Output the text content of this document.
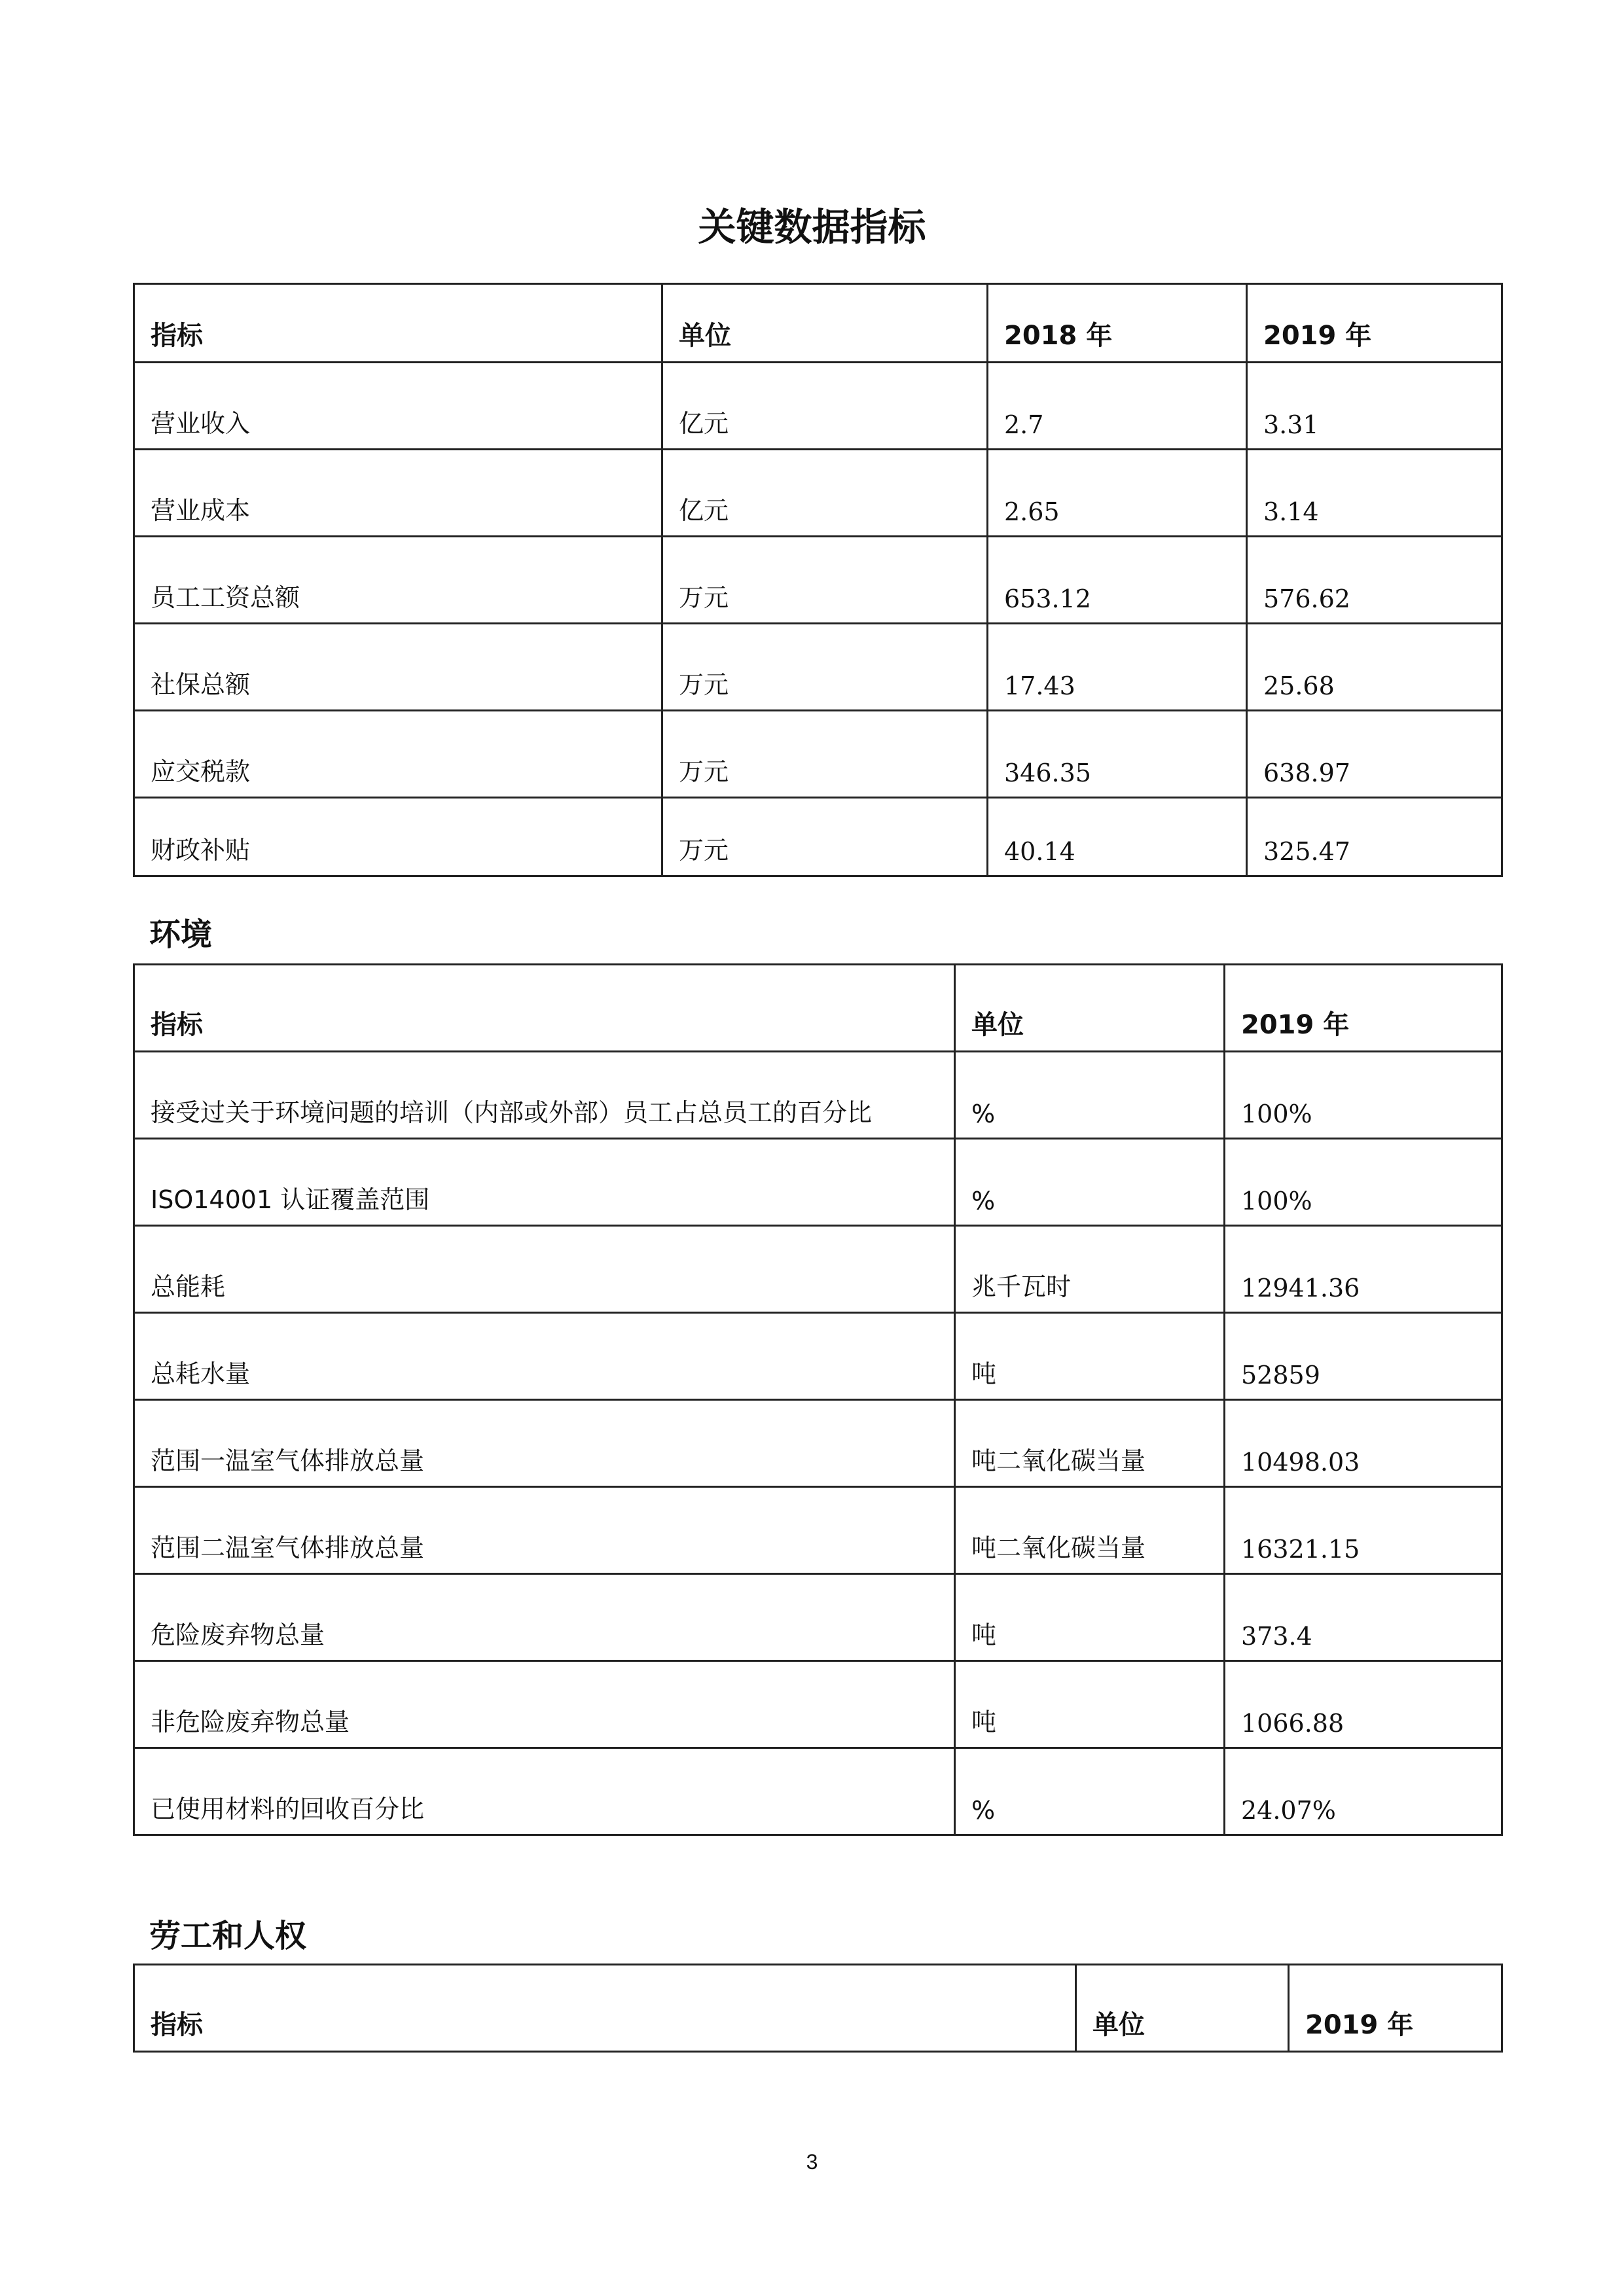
关键数据指标
指标	单位	2018 年	2019 年
营业收入	亿元	2.7	3.31
营业成本	亿元	2.65	3.14
员工工资总额	万元	653.12	576.62
社保总额	万元	17.43	25.68
应交税款	万元	346.35	638.97
财政补贴	万元	40.14	325.47
环境
指标	单位	2019 年
接受过关于环境问题的培训（内部或外部）员工占总员工的百分比	%	100%
ISO14001 认证覆盖范围	%	100%
总能耗	兆千瓦时	12941.36
总耗水量	吨	52859
范围一温室气体排放总量	吨二氧化碳当量	10498.03
范围二温室气体排放总量	吨二氧化碳当量	16321.15
危险废弃物总量	吨	373.4
非危险废弃物总量	吨	1066.88
已使用材料的回收百分比	%	24.07%
劳工和人权
指标	单位	2019 年
3
